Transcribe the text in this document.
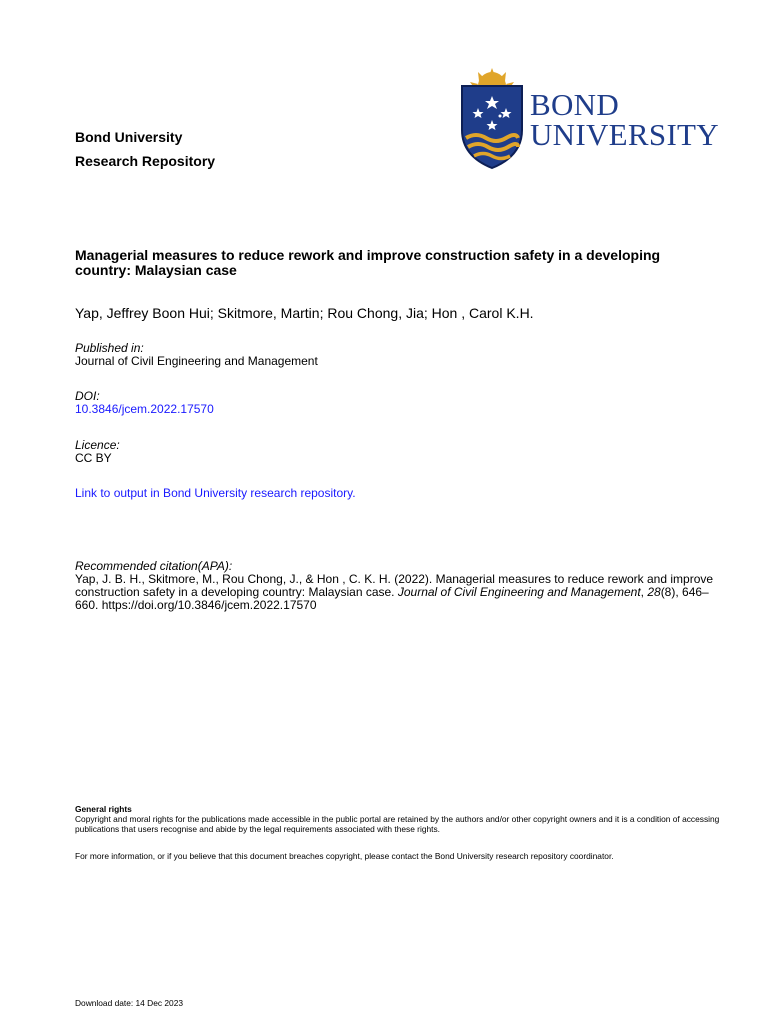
Bond University
Research Repository
BOND
UNIVERSITY
Managerial measures to reduce rework and improve construction safety in a developing country: Malaysian case
Yap, Jeffrey Boon Hui; Skitmore, Martin; Rou Chong, Jia; Hon , Carol K.H.
Published in:
Journal of Civil Engineering and Management
DOI:
10.3846/jcem.2022.17570
Licence:
CC BY
Link to output in Bond University research repository.
Recommended citation(APA):
Yap, J. B. H., Skitmore, M., Rou Chong, J., & Hon , C. K. H. (2022). Managerial measures to reduce rework and improve construction safety in a developing country: Malaysian case. Journal of Civil Engineering and Management, 28(8), 646–660. https://doi.org/10.3846/jcem.2022.17570
General rights
Copyright and moral rights for the publications made accessible in the public portal are retained by the authors and/or other copyright owners and it is a condition of accessing publications that users recognise and abide by the legal requirements associated with these rights.
For more information, or if you believe that this document breaches copyright, please contact the Bond University research repository coordinator.
Download date: 14 Dec 2023
